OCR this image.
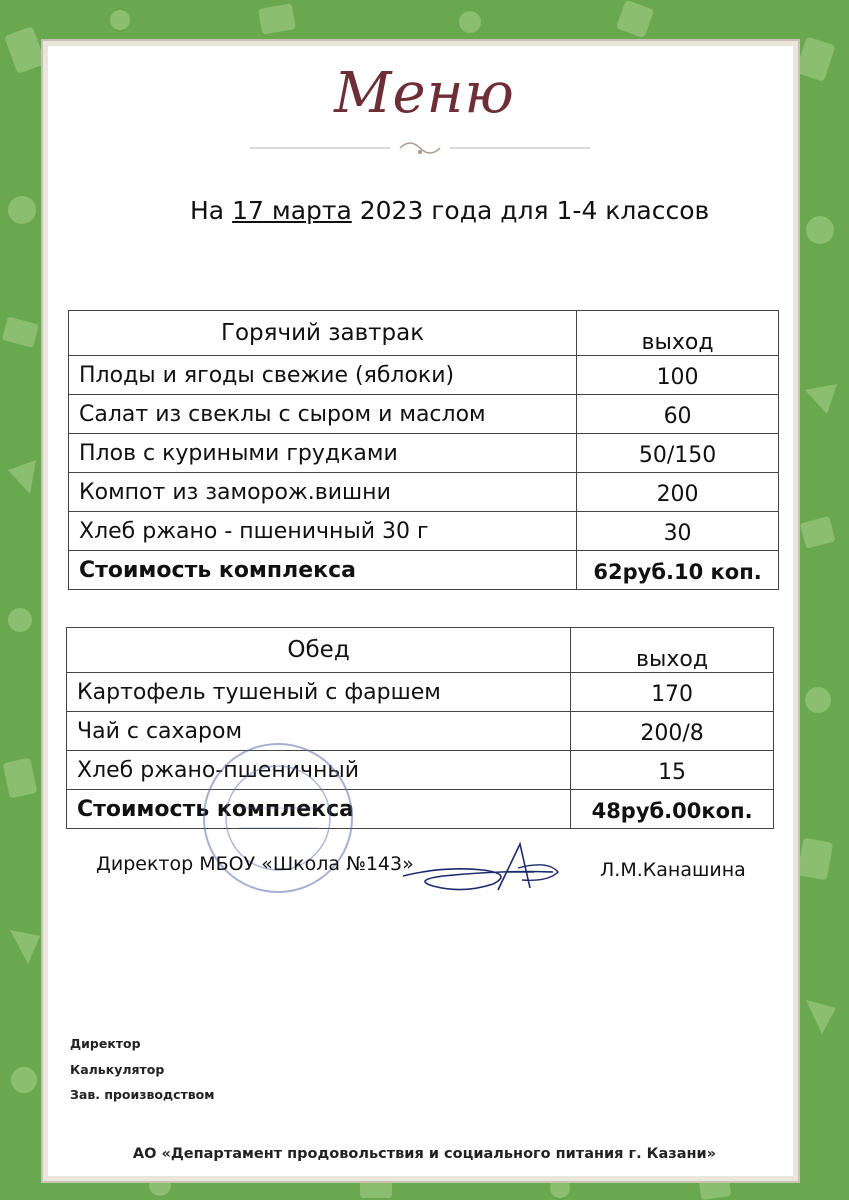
Меню
На 17 марта 2023 года для 1-4 классов
Горячий завтрак	выход
Плоды и ягоды свежие (яблоки)	100
Салат из свеклы с сыром и маслом	60
Плов с куриными грудками	50/150
Компот из заморож.вишни	200
Хлеб ржано - пшеничный 30 г	30
Стоимость комплекса	62руб.10 коп.
Обед	выход
Картофель тушеный с фаршем	170
Чай с сахаром	200/8
Хлеб ржано-пшеничный	15
Стоимость комплекса	48руб.00коп.
Директор МБОУ «Школа №143»	Л.М.Канашина
Директор
Калькулятор
Зав. производством
АО «Департамент продовольствия и социального питания г. Казани»
